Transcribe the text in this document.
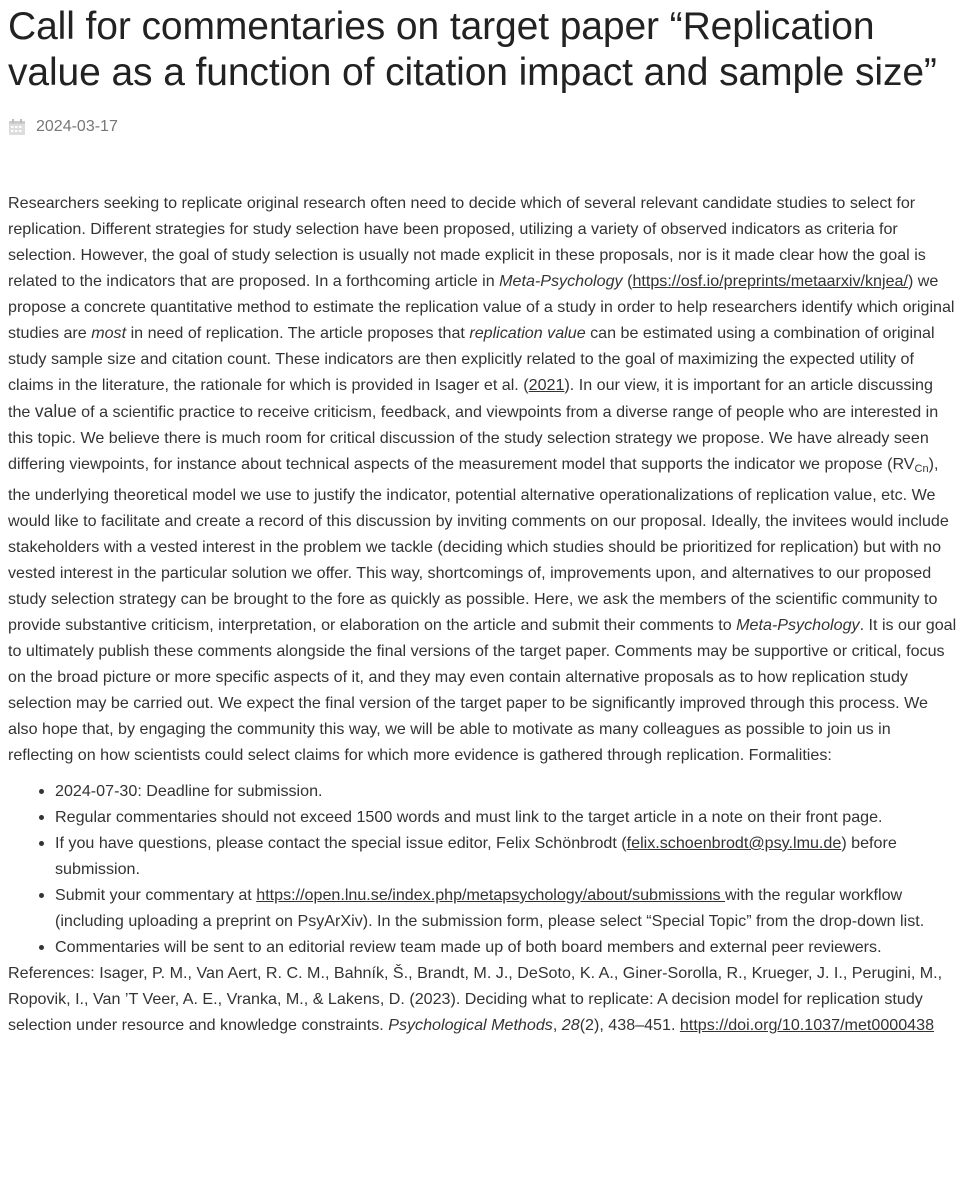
Call for commentaries on target paper “Replication value as a function of citation impact and sample size”
2024-03-17

Researchers seeking to replicate original research often need to decide which of several relevant candidate studies to select for replication. Different strategies for study selection have been proposed, utilizing a variety of observed indicators as criteria for selection. However, the goal of study selection is usually not made explicit in these proposals, nor is it made clear how the goal is related to the indicators that are proposed. In a forthcoming article in Meta-Psychology (https://osf.io/preprints/metaarxiv/knjea/) we propose a concrete quantitative method to estimate the replication value of a study in order to help researchers identify which original studies are most in need of replication. The article proposes that replication value can be estimated using a combination of original study sample size and citation count. These indicators are then explicitly related to the goal of maximizing the expected utility of claims in the literature, the rationale for which is provided in Isager et al. (2021). In our view, it is important for an article discussing the value of a scientific practice to receive criticism, feedback, and viewpoints from a diverse range of people who are interested in this topic. We believe there is much room for critical discussion of the study selection strategy we propose. We have already seen differing viewpoints, for instance about technical aspects of the measurement model that supports the indicator we propose $(RV_{Cn})$, the underlying theoretical model we use to justify the indicator, potential alternative operationalizations of replication value, etc. We would like to facilitate and create a record of this discussion by inviting comments on our proposal. Ideally, the invitees would include stakeholders with a vested interest in the problem we tackle (deciding which studies should be prioritized for replication) but with no vested interest in the particular solution we offer. This way, shortcomings of, improvements upon, and alternatives to our proposed study selection strategy can be brought to the fore as quickly as possible. Here, we ask the members of the scientific community to provide substantive criticism, interpretation, or elaboration on the article and submit their comments to Meta-Psychology. It is our goal to ultimately publish these comments alongside the final versions of the target paper. Comments may be supportive or critical, focus on the broad picture or more specific aspects of it, and they may even contain alternative proposals as to how replication study selection may be carried out. We expect the final version of the target paper to be significantly improved through this process. We also hope that, by engaging the community this way, we will be able to motivate as many colleagues as possible to join us in reflecting on how scientists could select claims for which more evidence is gathered through replication. Formalities:

• 2024-07-30: Deadline for submission.
• Regular commentaries should not exceed 1500 words and must link to the target article in a note on their front page.
• If you have questions, please contact the special issue editor, Felix Schönbrodt (felix.schoenbrodt@psy.lmu.de) before submission.
• Submit your commentary at https://open.lnu.se/index.php/metapsychology/about/submissions with the regular workflow (including uploading a preprint on PsyArXiv). In the submission form, please select “Special Topic” from the drop-down list.
• Commentaries will be sent to an editorial review team made up of both board members and external peer reviewers.

References: Isager, P. M., Van Aert, R. C. M., Bahník, Š., Brandt, M. J., DeSoto, K. A., Giner-Sorolla, R., Krueger, J. I., Perugini, M., Ropovik, I., Van ’T Veer, A. E., Vranka, M., & Lakens, D. (2023). Deciding what to replicate: A decision model for replication study selection under resource and knowledge constraints. Psychological Methods, 28(2), 438–451. https://doi.org/10.1037/met0000438
